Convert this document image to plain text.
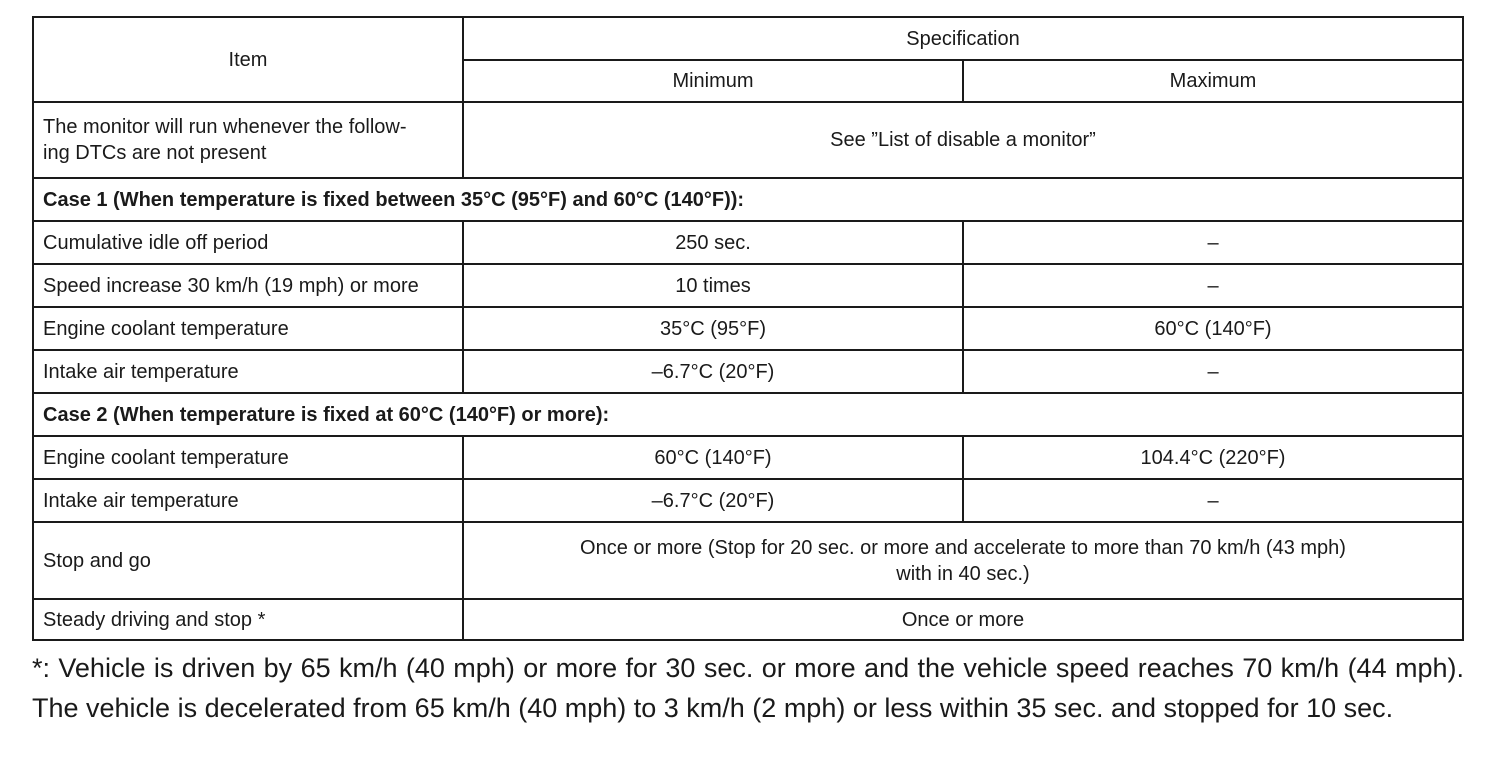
Item	Specification	
	Minimum	Maximum
The monitor will run whenever the follow-
ing DTCs are not present	See ”List of disable a monitor”	
Case 1 (When temperature is fixed between 35°C (95°F) and 60°C (140°F)):		
Cumulative idle off period	250 sec.	–
Speed increase 30 km/h (19 mph) or more	10 times	–
Engine coolant temperature	35°C (95°F)	60°C (140°F)
Intake air temperature	–6.7°C (20°F)	–
Case 2 (When temperature is fixed at 60°C (140°F) or more):		
Engine coolant temperature	60°C (140°F)	104.4°C (220°F)
Intake air temperature	–6.7°C (20°F)	–
Stop and go	Once or more (Stop for 20 sec. or more and accelerate to more than 70 km/h (43 mph)
with in 40 sec.)	
Steady driving and stop *	Once or more	
*: Vehicle is driven by 65 km/h (40 mph) or more for 30 sec. or more and the vehicle speed reaches 70 km/h (44 mph). The vehicle is decelerated from 65 km/h (40 mph) to 3 km/h (2 mph) or less within 35 sec. and stopped for 10 sec.
